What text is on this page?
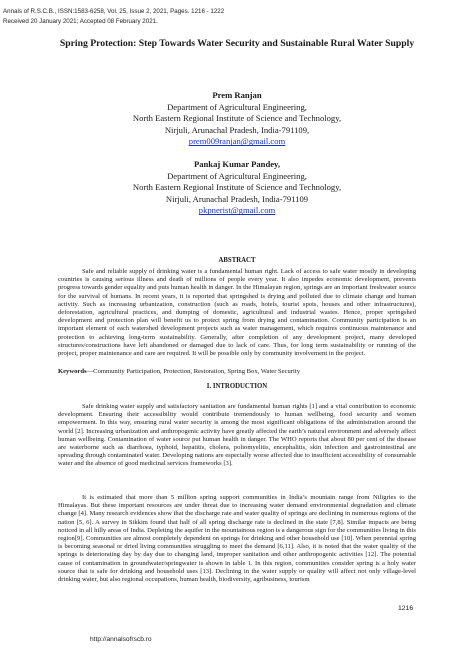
Annals of R.S.C.B., ISSN:1583-6258, Vol. 25, Issue 2, 2021, Pages. 1216 - 1222
Received 20 January 2021; Accepted 08 February 2021.
Spring Protection: Step Towards Water Security and Sustainable Rural Water Supply
Prem Ranjan
Department of Agricultural Engineering,
North Eastern Regional Institute of Science and Technology,
Nirjuli, Arunachal Pradesh, India-791109,
prem009ranjan@gmail.com
Pankaj Kumar Pandey,
Department of Agricultural Engineering,
North Eastern Regional Institute of Science and Technology,
Nirjuli, Arunachal Pradesh, India-791109
pkpnerist@gmail.com
ABSTRACT
Safe and reliable supply of drinking water is a fundamental human right. Lack of access to safe water mostly in developing countries is causing serious illness and death of millions of people every year. It also impedes economic development, prevents progress towards gender equality and puts human health in danger. In the Himalayan region, springs are an important freshwater source for the survival of humans. In recent years, it is reported that springshed is drying and polluted due to climate change and human activity. Such as increasing urbanization, construction (such as roads, hotels, tourist spots, houses and other infrastructures), deforestation, agricultural practices, and dumping of domestic, agricultural and industrial wastes. Hence, proper springshed development and protection plan will benefit us to protect spring from drying and contamination. Community participation is an important element of each watershed development projects such as water management, which requires continuous maintenance and protection to achieving long-term sustainability. Generally, after completion of any development project, many developed structures/constructions have left abandoned or damaged due to lack of care. Thus, for long term sustainability or running of the project, proper maintenance and care are required. It will be possible only by community involvement in the project.
Keywords—Community Participation, Protection, Restoration, Spring Box, Water Security
I. INTRODUCTION
Safe drinking water supply and satisfactory sanitation are fundamental human rights [1] and a vital contribution to economic development. Ensuring their accessibility would contribute tremendously to human wellbeing, food security and women empowerment. In this way, ensuring rural water security is among the most significant obligations of the administration around the world [2]. Increasing urbanization and anthropogenic activity have greatly affected the earth’s natural environment and adversely affect human wellbeing. Contamination of water source put human health in danger. The WHO reports that about 80 per cent of the disease are waterborne such as diarrhoea, typhoid, hepatitis, cholera, poliomyelitis, encephalitis, skin infection and gastrointestinal are spreading through contaminated water. Developing nations are especially worse affected due to insufficient accessibility of consumable water and the absence of good medicinal services frameworks [3].
It is estimated that more than 5 million spring support communities in India’s mountain range from Niligries to the Himalayas. But these important resources are under threat due to increasing water demand environmental degradation and climate change [4]. Many research evidences show that the discharge rate and water quality of springs are declining in numerous regions of the nation [5, 6]. A survey in Sikkim found that half of all spring discharge rate is declined in the state [7,8]. Similar impacts are being noticed in all hilly areas of India. Depleting the aquifer in the mountainous region is a dangerous sign for the communities living in this region[9]. Communities are almost completely dependent on springs for drinking and other household use [10]. When perennial spring is becoming seasonal or dried living communities struggling to meet the demand [6,11]. Also, it is noted that the water quality of the springs is deteriorating day by day due to changing land, improper sanitation and other anthropogenic activities [12]. The potential cause of contamination in groundwater/springwater is shown in table 1. In this region, communities consider spring is a holy water source that is safe for drinking and household uses [13]. Declining in the water supply or quality will affect not only village-level drinking water, but also regional occupations, human health, biodiversity, agribusiness, tourism
1216
http://annalsofrscb.ro
